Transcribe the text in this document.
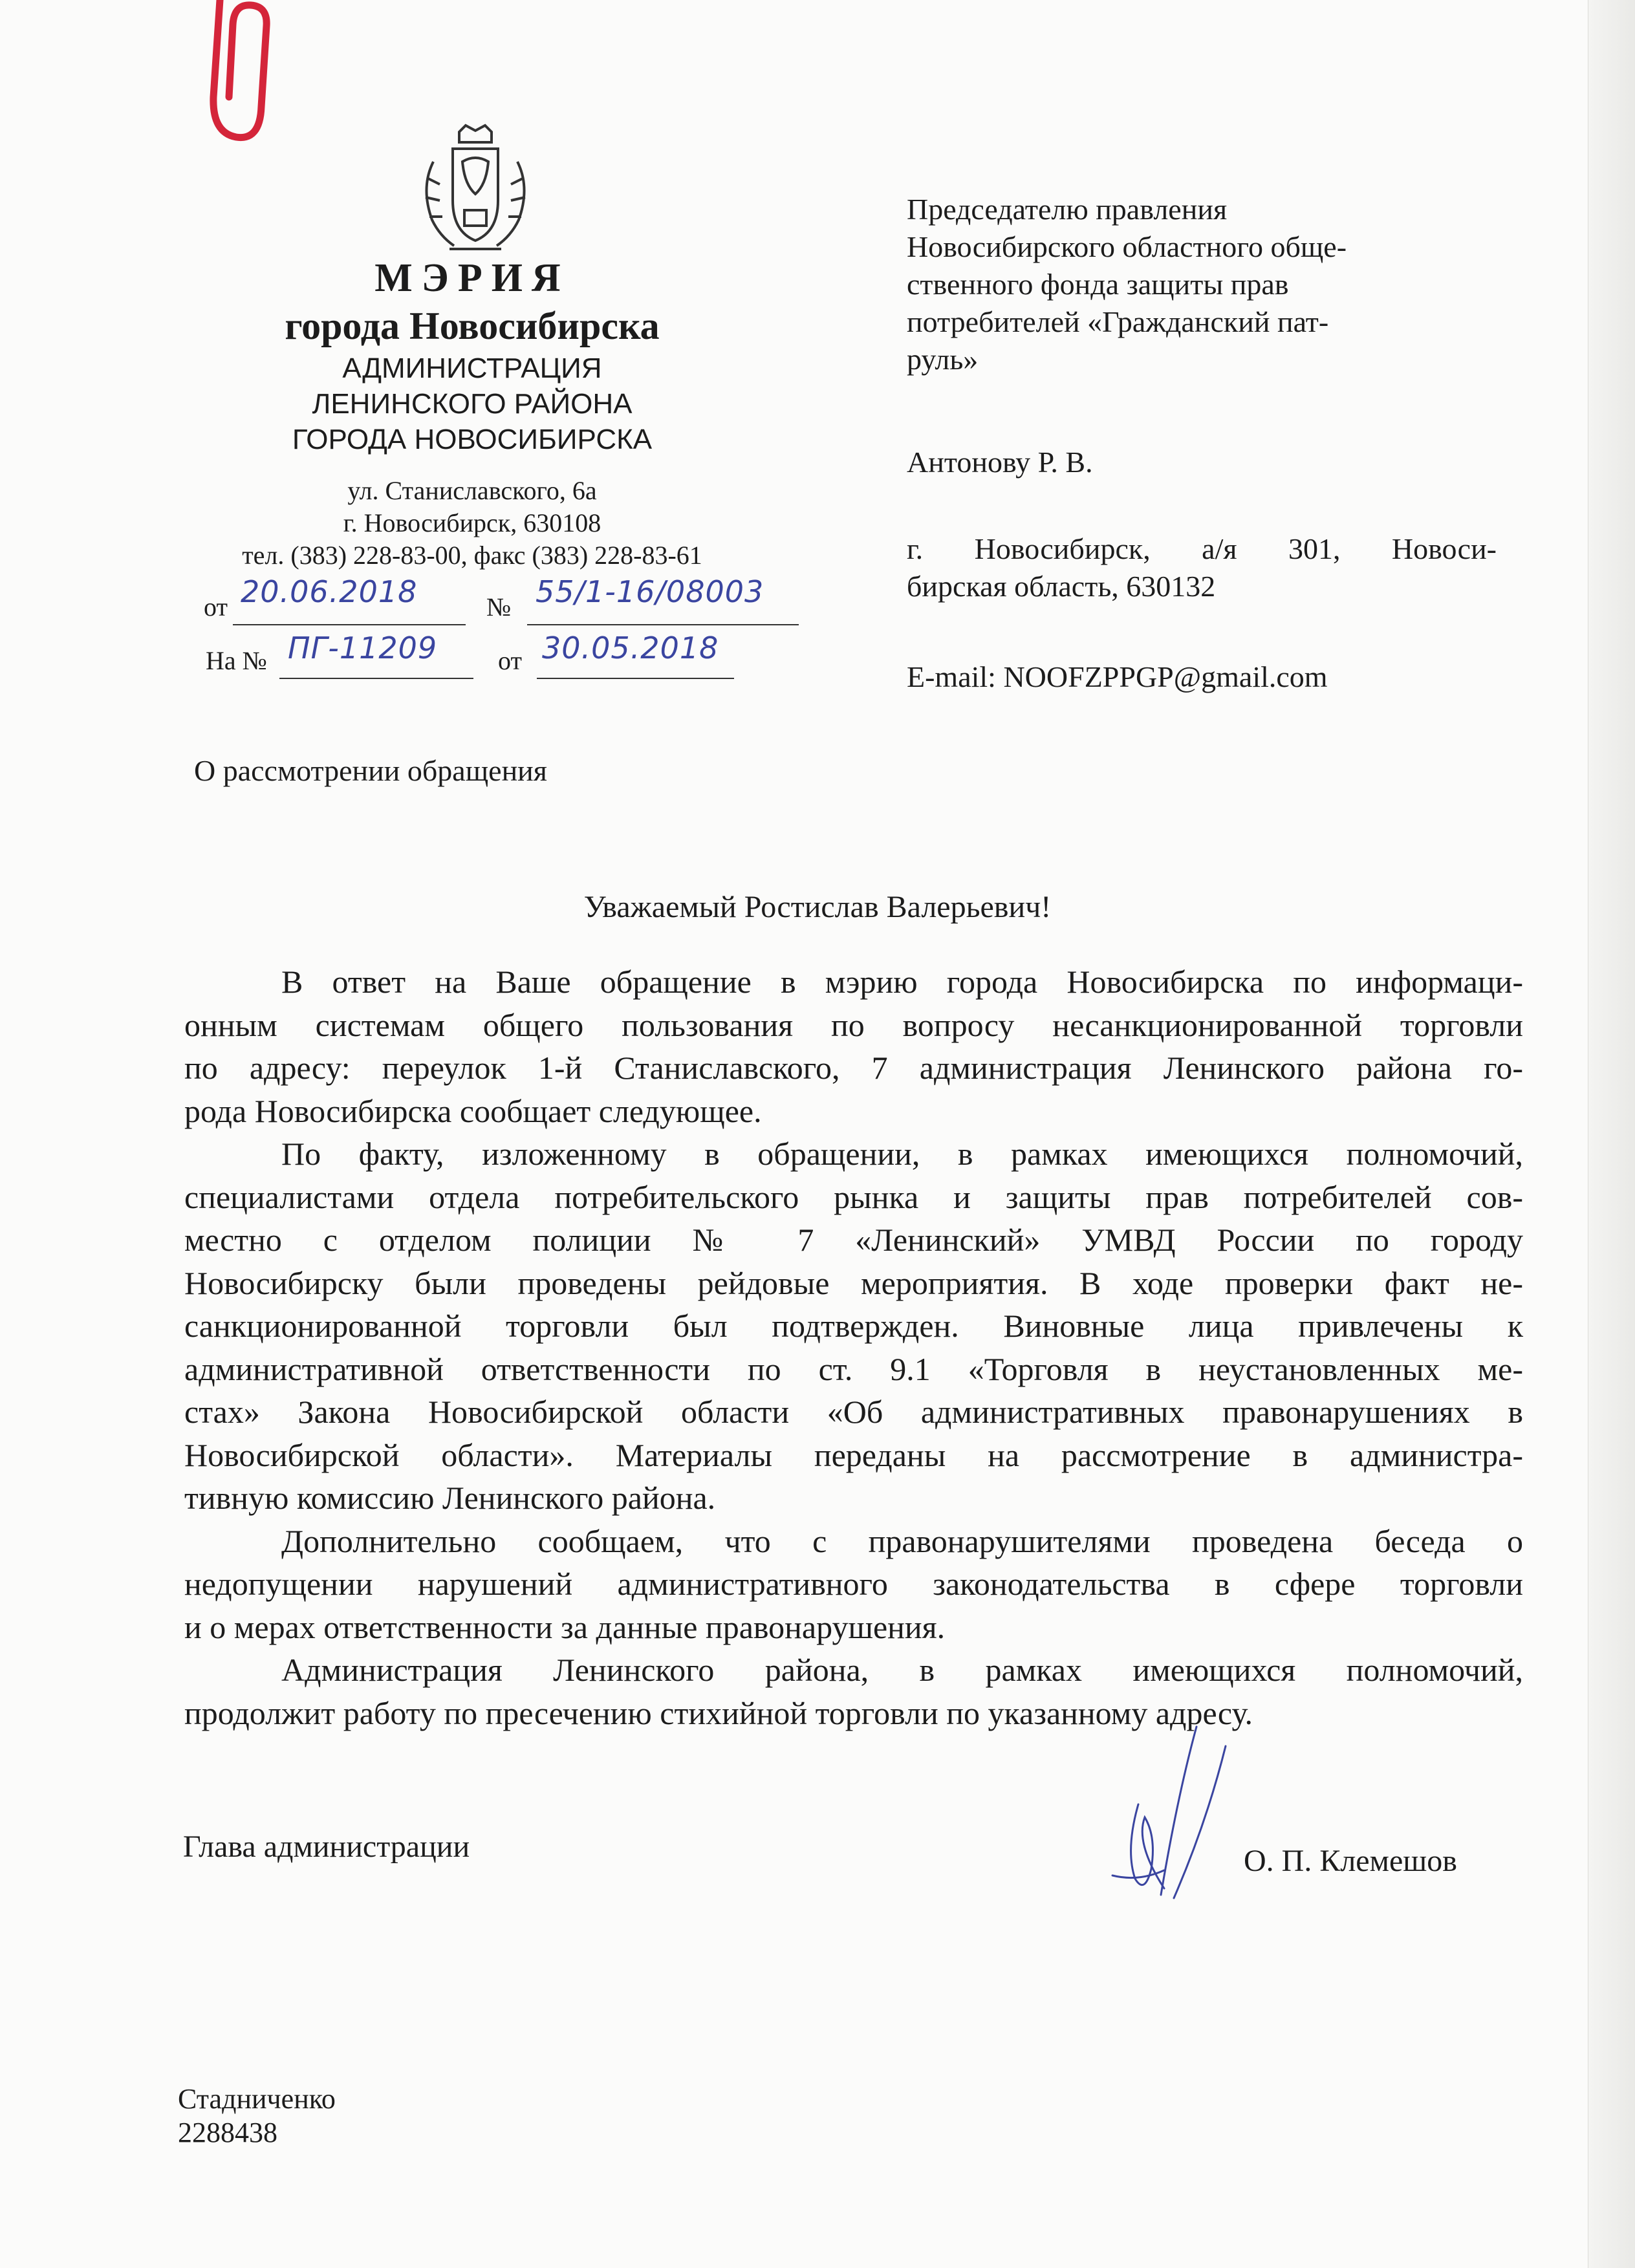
МЭРИЯ
города Новосибирска
АДМИНИСТРАЦИЯ
ЛЕНИНСКОГО РАЙОНА
ГОРОДА НОВОСИБИРСКА
ул. Станиславского, 6а
г. Новосибирск, 630108
тел. (383) 228-83-00, факс (383) 228-83-61
от 20.06.2018	№ 55/1-16/08003
На № ПГ-11209 от 30.05.2018
Председателю правления
Новосибирского областного обще-
ственного фонда защиты прав
потребителей «Гражданский пат-
руль»
Антонову Р. В.
г. Новосибирск, а/я 301, Новоси-
бирская область, 630132
E-mail: NOOFZPPGP@gmail.com
О рассмотрении обращения
Уважаемый Ростислав Валерьевич!
В ответ на Ваше обращение в мэрию города Новосибирска по информаци-
онным системам общего пользования по вопросу несанкционированной торговли
по адресу: переулок 1-й Станиславского, 7 администрация Ленинского района го-
рода Новосибирска сообщает следующее.
По факту, изложенному в обращении, в рамках имеющихся полномочий,
специалистами отдела потребительского рынка и защиты прав потребителей сов-
местно с отделом полиции № 7 «Ленинский» УМВД России по городу
Новосибирску были проведены рейдовые мероприятия. В ходе проверки факт не-
санкционированной торговли был подтвержден. Виновные лица привлечены к
административной ответственности по ст. 9.1 «Торговля в неустановленных ме-
стах» Закона Новосибирской области «Об административных правонарушениях в
Новосибирской области». Материалы переданы на рассмотрение в администра-
тивную комиссию Ленинского района.
Дополнительно сообщаем, что с правонарушителями проведена беседа о
недопущении нарушений административного законодательства в сфере торговли
и о мерах ответственности за данные правонарушения.
Администрация Ленинского района, в рамках имеющихся полномочий,
продолжит работу по пресечению стихийной торговли по указанному адресу.
Глава администрации	О. П. Клемешов
Стадниченко
2288438
